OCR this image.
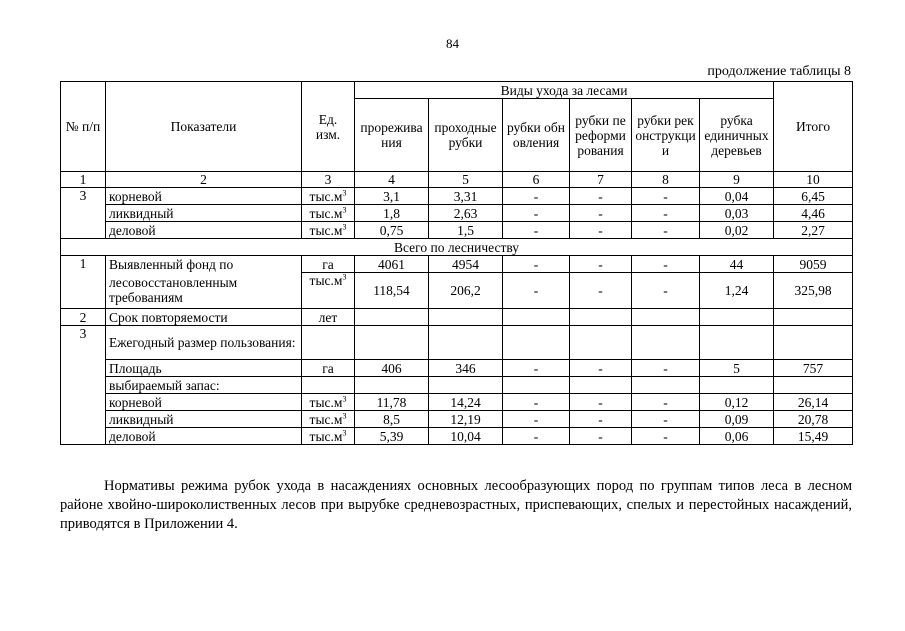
84
продолжение таблицы 8
№ п/п	Показатели	Ед. изм.	Виды ухода за лесами						Итого
			прореживания	проходные рубки	рубки обновления	рубки переформирования	рубки реконструкции	рубка единичных деревьев	
1	2	3	4	5	6	7	8	9	10
3	корневой	$тыс.м^3$	3,1	3,31	-	-	-	0,04	6,45
	ликвидный	$тыс.м^3$	1,8	2,63	-	-	-	0,03	4,46
	деловой	$тыс.м^3$	0,75	1,5	-	-	-	0,02	2,27
Всего по лесничеству									
1	Выявленный фонд по	га	4061	4954	-	-	-	44	9059
	лесовосстановленным требованиям	$тыс.м^3$	118,54	206,2	-	-	-	1,24	325,98
2	Срок повторяемости	лет							
3	Ежегодный размер пользования:								
	Площадь	га	406	346	-	-	-	5	757
	выбираемый запас:								
	корневой	$тыс.м^3$	11,78	14,24	-	-	-	0,12	26,14
	ликвидный	$тыс.м^3$	8,5	12,19	-	-	-	0,09	20,78
	деловой	$тыс.м^3$	5,39	10,04	-	-	-	0,06	15,49
Нормативы режима рубок ухода в насаждениях основных лесообразующих пород по группам типов леса в лесном районе хвойно-широколиственных лесов при вырубке средневозрастных, приспевающих, спелых и перестойных насаждений, приводятся в Приложении 4.
